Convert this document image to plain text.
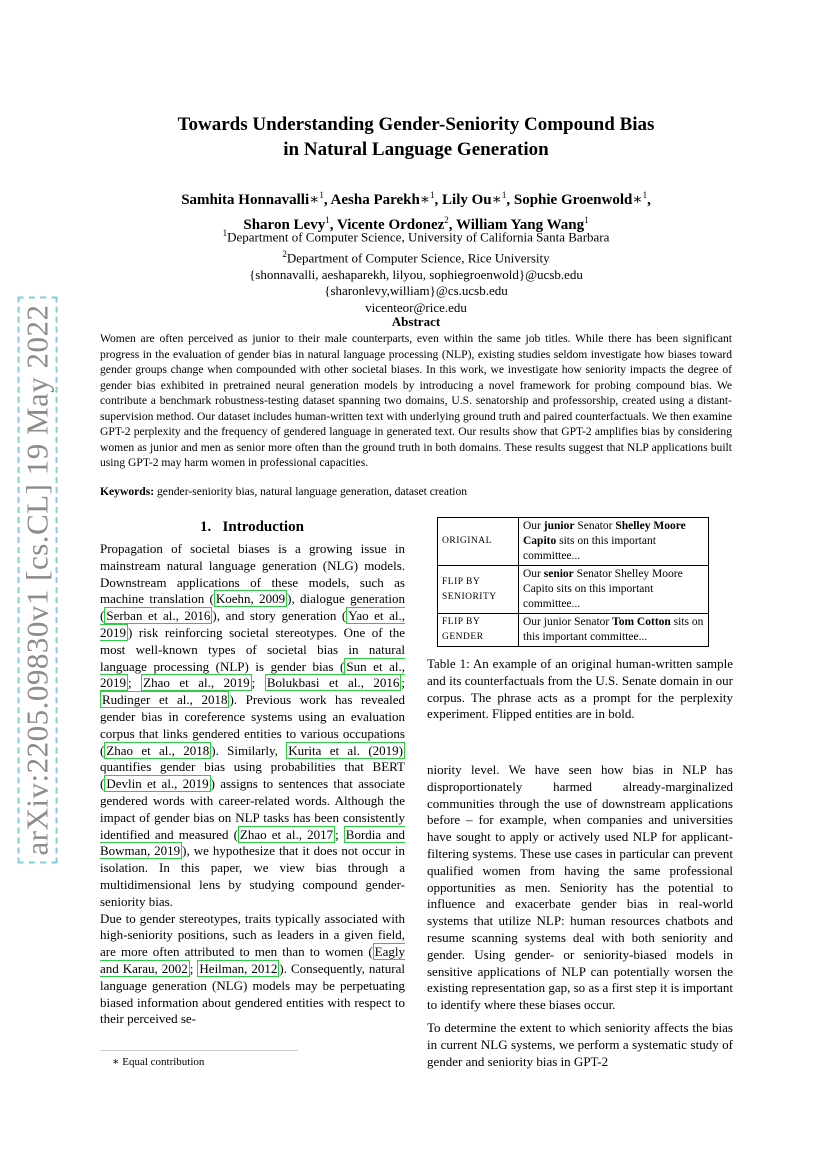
arXiv:2205.09830v1 [cs.CL] 19 May 2022
Towards Understanding Gender-Seniority Compound Bias
in Natural Language Generation
Samhita Honnavalli∗$^1$, Aesha Parekh∗$^1$, Lily Ou∗$^1$, Sophie Groenwold∗$^1$,
Sharon Levy$^1$, Vicente Ordonez$^2$, William Yang Wang$^1$
$^1$Department of Computer Science, University of California Santa Barbara
$^2$Department of Computer Science, Rice University
{shonnavalli, aeshaparekh, lilyou, sophiegroenwold}@ucsb.edu
{sharonlevy,william}@cs.ucsb.edu
vicenteor@rice.edu
Abstract
Women are often perceived as junior to their male counterparts, even within the same job titles. While there has been significant progress in the evaluation of gender bias in natural language processing (NLP), existing studies seldom investigate how biases toward gender groups change when compounded with other societal biases. In this work, we investigate how seniority impacts the degree of gender bias exhibited in pretrained neural generation models by introducing a novel framework for probing compound bias. We contribute a benchmark robustness-testing dataset spanning two domains, U.S. senatorship and professorship, created using a distant-supervision method. Our dataset includes human-written text with underlying ground truth and paired counterfactuals. We then examine GPT-2 perplexity and the frequency of gendered language in generated text. Our results show that GPT-2 amplifies bias by considering women as junior and men as senior more often than the ground truth in both domains. These results suggest that NLP applications built using GPT-2 may harm women in professional capacities.
Keywords: gender-seniority bias, natural language generation, dataset creation
1. Introduction

Propagation of societal biases is a growing issue in mainstream natural language generation (NLG) models. Downstream applications of these models, such as machine translation ( Koehn, 2009 ), dialogue generation ( Serban et al., 2016 ), and story generation ( Yao et al., 2019 ) risk reinforcing societal stereotypes. One of the most well-known types of societal bias in natural language processing (NLP) is gender bias ( Sun et al., 2019 ; Zhao et al., 2019 ; Bolukbasi et al., 2016 ; Rudinger et al., 2018 ). Previous work has revealed gender bias in coreference systems using an evaluation corpus that links gendered entities to various occupations ( Zhao et al., 2018 ). Similarly, Kurita et al. (2019) quantifies gender bias using probabilities that BERT ( Devlin et al., 2019 ) assigns to sentences that associate gendered words with career-related words. Although the impact of gender bias on NLP tasks has been consistently identified and measured ( Zhao et al., 2017 ; Bordia and Bowman, 2019 ), we hypothesize that it does not occur in isolation. In this paper, we view bias through a multidimensional lens by studying compound gender-seniority bias.

Due to gender stereotypes, traits typically associated with high-seniority positions, such as leaders in a given field, are more often attributed to men than to women ( Eagly and Karau, 2002 ; Heilman, 2012 ). Consequently, natural language generation (NLG) models may be perpetuating biased information about gendered entities with respect to their perceived se-

ORIGINAL	Our junior Senator Shelley Moore Capito sits on this important committee...
FLIP BY SENIORITY	Our senior Senator Shelley Moore Capito sits on this important committee...
FLIP BY GENDER	Our junior Senator Tom Cotton sits on this important committee...
Table 1: An example of an original human-written sample and its counterfactuals from the U.S. Senate domain in our corpus. The phrase acts as a prompt for the perplexity experiment. Flipped entities are in bold.

niority level. We have seen how bias in NLP has disproportionately harmed already-marginalized communities through the use of downstream applications before – for example, when companies and universities have sought to apply or actively used NLP for applicant-filtering systems. These use cases in particular can prevent qualified women from having the same professional opportunities as men. Seniority has the potential to influence and exacerbate gender bias in real-world systems that utilize NLP: human resources chatbots and resume scanning systems deal with both seniority and gender. Using gender- or seniority-biased models in sensitive applications of NLP can potentially worsen the existing representation gap, so as a first step it is important to identify where these biases occur.

To determine the extent to which seniority affects the bias in current NLG systems, we perform a systematic study of gender and seniority bias in GPT-2

∗ Equal contribution
